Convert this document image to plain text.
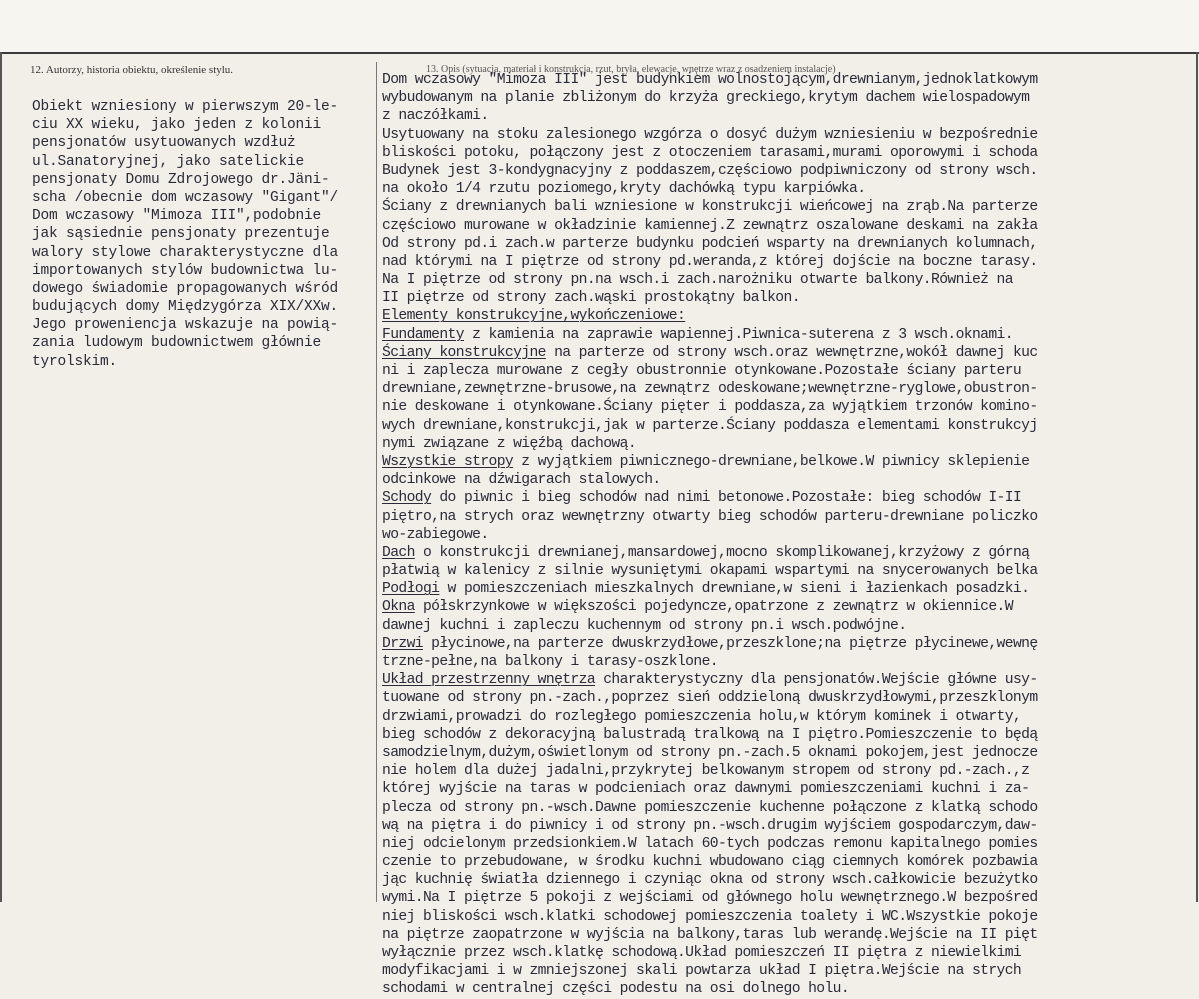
12. Autorzy, historia obiektu, określenie stylu.	13. Opis (sytuacja, materiał i konstrukcja, rzut, bryła, elewacje, wnętrze wraz z osadzeniem instalacje)
Obiekt wzniesiony w pierwszym 20-le-
ciu XX wieku, jako jeden z kolonii
pensjonatów usytuowanych wzdłuż
ul.Sanatoryjnej, jako satelickie
pensjonaty Domu Zdrojowego dr.Jäni-
scha /obecnie dom wczasowy "Gigant"/
Dom wczasowy "Mimoza III",podobnie
jak sąsiednie pensjonaty prezentuje
walory stylowe charakterystyczne dla
importowanych stylów budownictwa lu-
dowego świadomie propagowanych wśród
budujących domy Międzygórza XIX/XXw.
Jego proweniencja wskazuje na powią-
zania ludowym budownictwem głównie
tyrolskim.
Dom wczasowy "Mimoza III" jest budynkiem wolnostojącym,drewnianym,jednoklatkowym
wybudowanym na planie zbliżonym do krzyża greckiego,krytym dachem wielospadowym
z naczółkami.
Usytuowany na stoku zalesionego wzgórza o dosyć dużym wzniesieniu w bezpośrednie
bliskości potoku, połączony jest z otoczeniem tarasami,murami oporowymi i schoda
Budynek jest 3-kondygnacyjny z poddaszem,częściowo podpiwniczony od strony wsch.
na około 1/4 rzutu poziomego,kryty dachówką typu karpiówka.
Ściany z drewnianych bali wzniesione w konstrukcji wieńcowej na zrąb.Na parterze
częściowo murowane w okładzinie kamiennej.Z zewnątrz oszalowane deskami na zakła
Od strony pd.i zach.w parterze budynku podcień wsparty na drewnianych kolumnach,
nad którymi na I piętrze od strony pd.weranda,z której dojście na boczne tarasy.
Na I piętrze od strony pn.na wsch.i zach.narożniku otwarte balkony.Również na
II piętrze od strony zach.wąski prostokątny balkon.
Elementy konstrukcyjne,wykończeniowe:
Fundamenty z kamienia na zaprawie wapiennej.Piwnica-suterena z 3 wsch.oknami.
Ściany konstrukcyjne na parterze od strony wsch.oraz wewnętrzne,wokół dawnej kuc
ni i zaplecza murowane z cegły obustronnie otynkowane.Pozostałe ściany parteru
drewniane,zewnętrzne-brusowe,na zewnątrz odeskowane;wewnętrzne-ryglowe,obustron-
nie deskowane i otynkowane.Ściany pięter i poddasza,za wyjątkiem trzonów komino-
wych drewniane,konstrukcji,jak w parterze.Ściany poddasza elementami konstrukcyj
nymi związane z więźbą dachową.
Wszystkie stropy z wyjątkiem piwnicznego-drewniane,belkowe.W piwnicy sklepienie
odcinkowe na dźwigarach stalowych.
Schody do piwnic i bieg schodów nad nimi betonowe.Pozostałe: bieg schodów I-II
piętro,na strych oraz wewnętrzny otwarty bieg schodów parteru-drewniane policzko
wo-zabiegowe.
Dach o konstrukcji drewnianej,mansardowej,mocno skomplikowanej,krzyżowy z górną
płatwią w kalenicy z silnie wysuniętymi okapami wspartymi na snycerowanych belka
Podłogi w pomieszczeniach mieszkalnych drewniane,w sieni i łazienkach posadzki.
Okna półskrzynkowe w większości pojedyncze,opatrzone z zewnątrz w okiennice.W
dawnej kuchni i zapleczu kuchennym od strony pn.i wsch.podwójne.
Drzwi płycinowe,na parterze dwuskrzydłowe,przeszklone;na piętrze płycinewe,wewnę
trzne-pełne,na balkony i tarasy-oszklone.
Układ przestrzenny wnętrza charakterystyczny dla pensjonatów.Wejście główne usy-
tuowane od strony pn.-zach.,poprzez sień oddzieloną dwuskrzydłowymi,przeszklonym
drzwiami,prowadzi do rozległego pomieszczenia holu,w którym kominek i otwarty,
bieg schodów z dekoracyjną balustradą tralkową na I piętro.Pomieszczenie to będą
samodzielnym,dużym,oświetlonym od strony pn.-zach.5 oknami pokojem,jest jednocze
nie holem dla dużej jadalni,przykrytej belkowanym stropem od strony pd.-zach.,z
której wyjście na taras w podcieniach oraz dawnymi pomieszczeniami kuchni i za-
plecza od strony pn.-wsch.Dawne pomieszczenie kuchenne połączone z klatką schodo
wą na piętra i do piwnicy i od strony pn.-wsch.drugim wyjściem gospodarczym,daw-
niej odcielonym przedsionkiem.W latach 60-tych podczas remonu kapitalnego pomies
czenie to przebudowane, w środku kuchni wbudowano ciąg ciemnych komórek pozbawia
jąc kuchnię światła dziennego i czyniąc okna od strony wsch.całkowicie bezużytko
wymi.Na I piętrze 5 pokoji z wejściami od głównego holu wewnętrznego.W bezpośred
niej bliskości wsch.klatki schodowej pomieszczenia toalety i WC.Wszystkie pokoje
na piętrze zaopatrzone w wyjścia na balkony,taras lub werandę.Wejście na II pięt
wyłącznie przez wsch.klatkę schodową.Układ pomieszczeń II piętra z niewielkimi
modyfikacjami i w zmniejszonej skali powtarza układ I piętra.Wejście na strych
schodami w centralnej części podestu na osi dolnego holu.
